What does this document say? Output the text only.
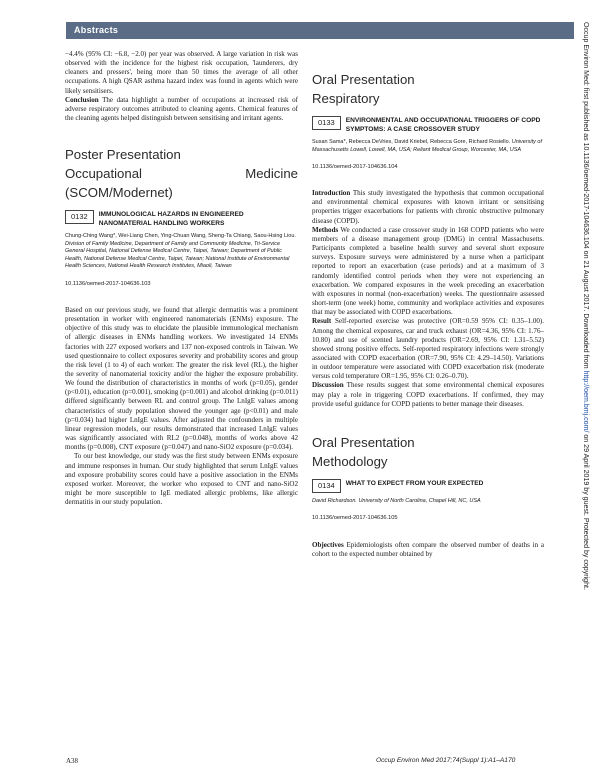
Abstracts

−4.4% (95% CI: −6.8, −2.0) per year was observed. A large variation in risk was observed with the incidence for the highest risk occupation, 'launderers, dry cleaners and pressers', being more than 50 times the average of all other occupations. A high QSAR asthma hazard index was found in agents which were likely sensitisers.

Conclusion The data highlight a number of occupations at increased risk of adverse respiratory outcomes attributed to cleaning agents. Chemical features of the cleaning agents helped distinguish between sensitising and irritant agents.

Poster Presentation
Occupational Medicine (SCOM/Modernet)
0132	IMMUNOLOGICAL HAZARDS IN ENGINEERED NANOMATERIAL HANDLING WORKERS
Chung-Ching Wang*, Wei-Liang Chen, Ying-Chuan Wang, Sheng-Ta Chiang, Saou-Hsing Liou. Division of Family Medicine, Department of Family and Community Medicine, Tri-Service General Hospital, National Defense Medical Centre, Taipei, Taiwan; Department of Public Health, National Defense Medical Centre, Taipei, Taiwan; National Institute of Environmental Health Sciences, National Health Research Institutes, Miaoli, Taiwan
10.1136/oemed-2017-104636.103

Based on our previous study, we found that allergic dermatitis was a prominent presentation in worker with engineered nanomaterials (ENMs) exposure. The objective of this study was to elucidate the plausible immunological mechanism of allergic diseases in ENMs handling workers. We investigated 14 ENMs factories with 227 exposed workers and 137 non-exposed controls in Taiwan. We used questionnaire to collect exposures severity and probability scores and group the risk level (1 to 4) of each worker. The greater the risk level (RL), the higher the severity of nanomaterial toxicity and/or the higher the exposure probability. We found the distribution of characteristics in months of work (p=0.05), gender (p<0.01), education (p=0.001), smoking (p=0.001) and alcohol drinking (p=0.011) differed significantly between RL and control group. The LnIgE values among characteristics of study population showed the younger age (p<0.01) and male (p=0.034) had higher LnIgE values. After adjusted the confounders in multiple linear regression models, our results demonstrated that increased LnIgE values was significantly associated with RL2 (p=0.048), months of works above 42 months (p=0.008), CNT exposure (p=0.047) and nano-SiO2 exposure (p=0.034).

To our best knowledge, our study was the first study between ENMs exposure and immune responses in human. Our study highlighted that serum LnIgE values and exposure probability scores could have a positive association in the ENMs exposed worker. Moreover, the worker who exposed to CNT and nano-SiO2 might be more susceptible to IgE mediated allergic problems, like allergic dermatitis in our study population.

Oral Presentation
Respiratory
0133	ENVIRONMENTAL AND OCCUPATIONAL TRIGGERS OF COPD SYMPTOMS: A CASE CROSSOVER STUDY
Susan Sama*, Rebecca DeVries, David Kriebel, Rebecca Gore, Richard Rosiello. University of Massachusetts Lowell, Lowell, MA, USA; Reliant Medical Group, Worcester, MA, USA
10.1136/oemed-2017-104636.104

Introduction This study investigated the hypothesis that common occupational and environmental chemical exposures with known irritant or sensitising properties trigger exacerbations for patients with chronic obstructive pulmonary disease (COPD).

Methods We conducted a case crossover study in 168 COPD patients who were members of a disease management group (DMG) in central Massachusetts. Participants completed a baseline health survey and several short exposure surveys. Exposure surveys were administered by a nurse when a participant reported to report an exacerbation (case periods) and at a maximum of 3 randomly identified control periods when they were not experiencing an exacerbation. We compared exposures in the week preceding an exacerbation with exposures in normal (non-exacerbation) weeks. The questionnaire assessed short-term (one week) home, community and workplace activities and exposures that may be associated with COPD exacerbations.

Result Self-reported exercise was protective (OR=0.59 95% CI: 0.35–1.00). Among the chemical exposures, car and truck exhaust (OR=4.36, 95% CI: 1.76–10.80) and use of scented laundry products (OR=2.69, 95% CI: 1.31–5.52) showed strong positive effects. Self-reported respiratory infections were strongly associated with COPD exacerbation (OR=7.90, 95% CI: 4.29–14.50). Variations in outdoor temperature were associated with COPD exacerbation risk (moderate versus cold temperature OR=1.95, 95% CI: 0.26–0.70).

Discussion These results suggest that some environmental chemical exposures may play a role in triggering COPD exacerbations. If confirmed, they may provide useful guidance for COPD patients to better manage their diseases.

Oral Presentation
Methodology
0134	WHAT TO EXPECT FROM YOUR EXPECTED
David Richardson. University of North Carolina, Chapel Hill, NC, USA
10.1136/oemed-2017-104636.105

Objectives Epidemiologists often compare the observed number of deaths in a cohort to the expected number obtained by

A38	Occup Environ Med 2017;74(Suppl 1):A1–A170
Occup Environ Med: first published as 10.1136/oemed-2017-104636.104 on 21 August 2017. Downloaded from http://oem.bmj.com/ on 29 April 2019 by guest. Protected by copyright.
